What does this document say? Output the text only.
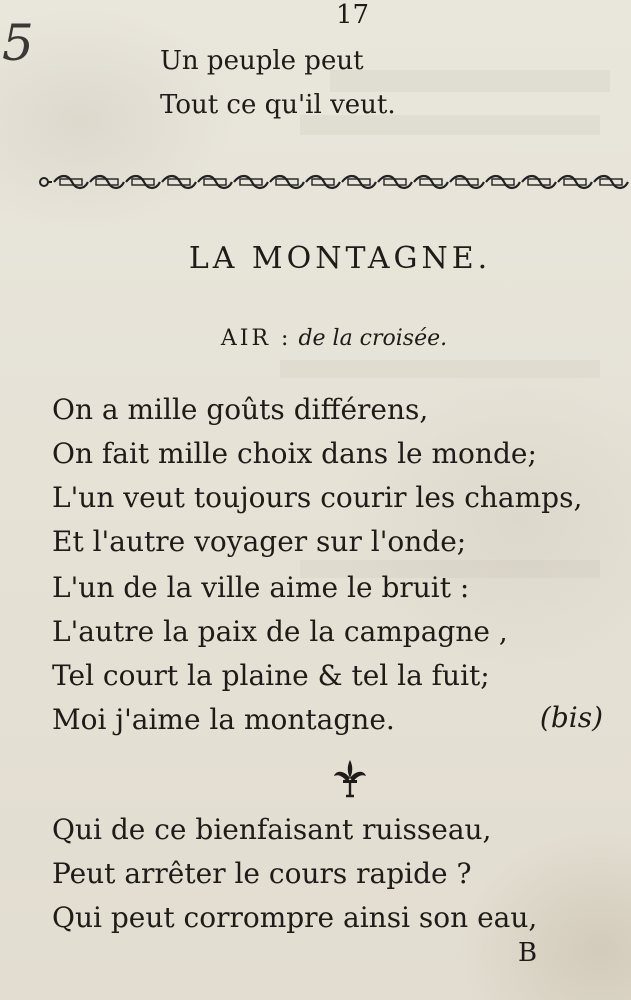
5	17

Un peuple peut

Tout ce qu'il veut.

LA MONTAGNE.

AIR : de la croisée.

On a mille goûts différens,

On fait mille choix dans le monde;

L'un veut toujours courir les champs,

Et l'autre voyager sur l'onde;

L'un de la ville aime le bruit :

L'autre la paix de la campagne ,

Tel court la plaine & tel la fuit;

Moi j'aime la montagne.	(bis)

Qui de ce bienfaisant ruisseau,

Peut arrêter le cours rapide ?

Qui peut corrompre ainsi son eau,

B
